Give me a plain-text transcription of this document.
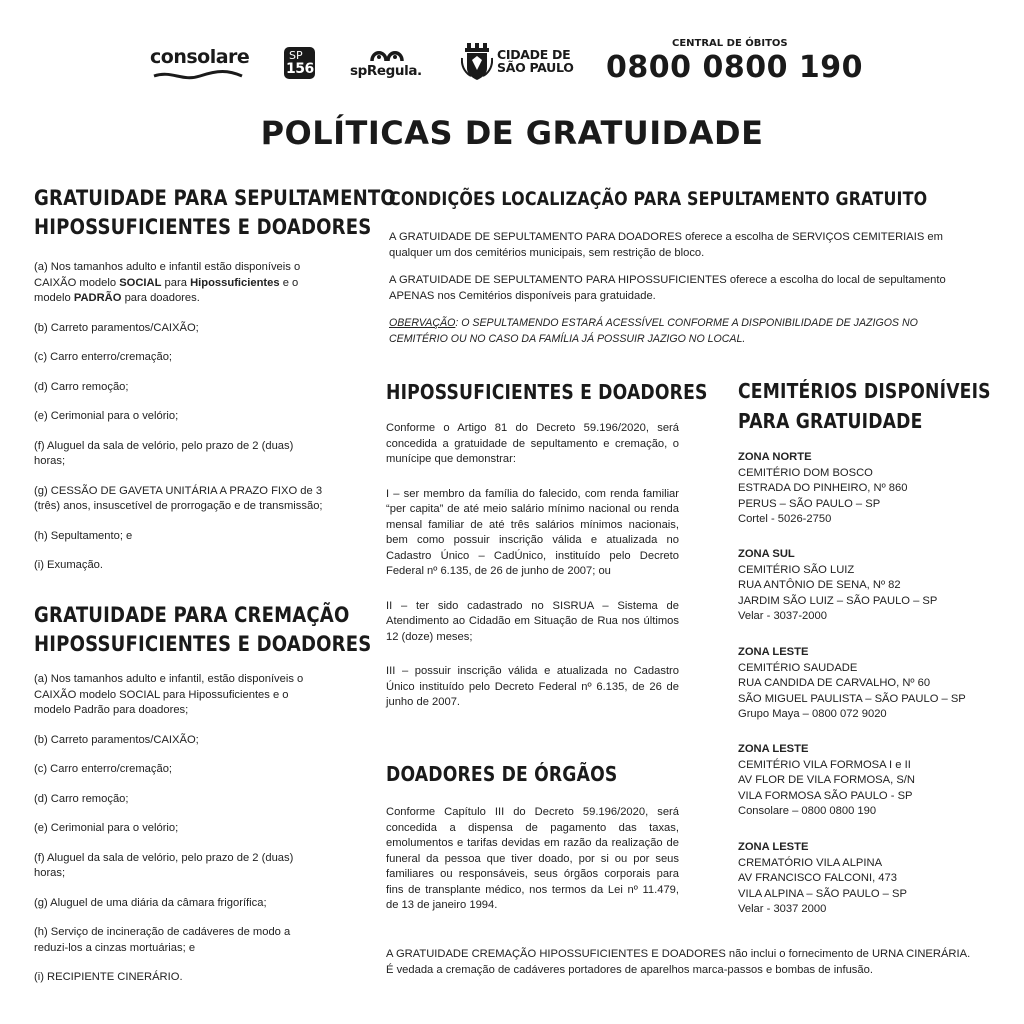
consolare	SP
156	spRegula.
CIDADE DE
SÃO PAULO
CENTRAL DE ÓBITOS
0800 0800 190
POLÍTICAS DE GRATUIDADE
GRATUIDADE PARA SEPULTAMENTO
HIPOSSUFICIENTES E DOADORES

(a) Nos tamanhos adulto e infantil estão disponíveis o CAIXÃO modelo SOCIAL para Hipossuficientes e o modelo PADRÃO para doadores.

(b) Carreto paramentos/CAIXÃO;

(c) Carro enterro/cremação;

(d) Carro remoção;

(e) Cerimonial para o velório;

(f) Aluguel da sala de velório, pelo prazo de 2 (duas) horas;

(g) CESSÃO DE GAVETA UNITÁRIA A PRAZO FIXO de 3 (três) anos, insuscetível de prorrogação e de transmissão;

(h) Sepultamento; e

(i) Exumação.

GRATUIDADE PARA CREMAÇÃO
HIPOSSUFICIENTES E DOADORES

(a) Nos tamanhos adulto e infantil, estão disponíveis o CAIXÃO modelo SOCIAL para Hipossuficientes e o modelo Padrão para doadores;

(b) Carreto paramentos/CAIXÃO;

(c) Carro enterro/cremação;

(d) Carro remoção;

(e) Cerimonial para o velório;

(f) Aluguel da sala de velório, pelo prazo de 2 (duas) horas;

(g) Aluguel de uma diária da câmara frigorífica;

(h) Serviço de incineração de cadáveres de modo a reduzi-los a cinzas mortuárias; e

(i) RECIPIENTE CINERÁRIO.

CONDIÇÕES LOCALIZAÇÃO PARA SEPULTAMENTO GRATUITO

A GRATUIDADE DE SEPULTAMENTO PARA DOADORES oferece a escolha de SERVIÇOS CEMITERIAIS em qualquer um dos cemitérios municipais, sem restrição de bloco.

A GRATUIDADE DE SEPULTAMENTO PARA HIPOSSUFICIENTES oferece a escolha do local de sepultamento APENAS nos Cemitérios disponíveis para gratuidade.

OBERVAÇÃO: O SEPULTAMENDO ESTARÁ ACESSÍVEL CONFORME A DISPONIBILIDADE DE JAZIGOS NO CEMITÉRIO OU NO CASO DA FAMÍLIA JÁ POSSUIR JAZIGO NO LOCAL.

HIPOSSUFICIENTES E DOADORES

Conforme o Artigo 81 do Decreto 59.196/2020, será concedida a gratuidade de sepultamento e cremação, o munícipe que demonstrar:

I – ser membro da família do falecido, com renda familiar “per capita” de até meio salário mínimo nacional ou renda mensal familiar de até três salários mínimos nacionais, bem como possuir inscrição válida e atualizada no Cadastro Único – CadÚnico, instituído pelo Decreto Federal nº 6.135, de 26 de junho de 2007; ou

II – ter sido cadastrado no SISRUA – Sistema de Atendimento ao Cidadão em Situação de Rua nos últimos 12 (doze) meses;

III – possuir inscrição válida e atualizada no Cadastro Único instituído pelo Decreto Federal nº 6.135, de 26 de junho de 2007.

DOADORES DE ÓRGÃOS

Conforme Capítulo III do Decreto 59.196/2020, será concedida a dispensa de pagamento das taxas, emolumentos e tarifas devidas em razão da realização de funeral da pessoa que tiver doado, por si ou por seus familiares ou responsáveis, seus órgãos corporais para fins de transplante médico, nos termos da Lei nº 11.479, de 13 de janeiro 1994.

CEMITÉRIOS DISPONÍVEIS
PARA GRATUIDADE
ZONA NORTE
CEMITÉRIO DOM BOSCO
ESTRADA DO PINHEIRO, Nº 860
PERUS – SÃO PAULO – SP
Cortel - 5026-2750
ZONA SUL
CEMITÉRIO SÃO LUIZ
RUA ANTÔNIO DE SENA, Nº 82
JARDIM SÃO LUIZ – SÃO PAULO – SP
Velar - 3037-2000
ZONA LESTE
CEMITÉRIO SAUDADE
RUA CANDIDA DE CARVALHO, Nº 60
SÃO MIGUEL PAULISTA – SÃO PAULO – SP
Grupo Maya – 0800 072 9020
ZONA LESTE
CEMITÉRIO VILA FORMOSA I e II
AV FLOR DE VILA FORMOSA, S/N
VILA FORMOSA SÃO PAULO - SP
Consolare – 0800 0800 190
ZONA LESTE
CREMATÓRIO VILA ALPINA
AV FRANCISCO FALCONI, 473
VILA ALPINA – SÃO PAULO – SP
Velar - 3037 2000
A GRATUIDADE CREMAÇÃO HIPOSSUFICIENTES E DOADORES não inclui o fornecimento de URNA CINERÁRIA.
É vedada a cremação de cadáveres portadores de aparelhos marca-passos e bombas de infusão.
